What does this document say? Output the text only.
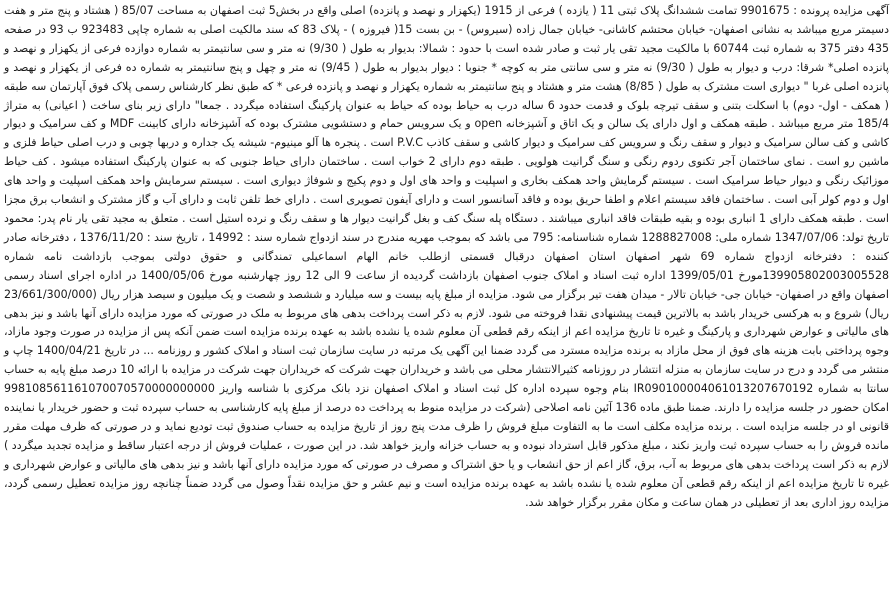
آگهی مزایده پرونده : 9901675 تمامت ششدانگ پلاک ثبتی 11 ( یازده ) فرعی از 1915 (یکهزار و نهصد و پانزده) اصلی واقع در بخش5 ثبت اصفهان به مساحت 85/07 ( هشتاد و پنج متر و هفت دسیمتر مربع میباشد به نشانی اصفهان- خیابان محتشم کاشانی- خیابان جمال زاده (سیروس) - بن بست 15( فیروزه ) - پلاک 83 که سند مالکیت اصلی به شماره چاپی 923483 ب 93 در صفحه 435 دفتر 375 به شماره ثبت 60744 با مالکیت مجید تقی یار ثبت و صادر شده است با حدود : شمالا: بدیوار به طول ( 9/30) نه متر و سی سانتیمتر به شماره دوازده فرعی از یکهزار و نهصد و پانزده اصلی* شرقا: درب و دیوار به طول ( 9/30) نه متر و سی سانتی متر به کوچه * جنوبا : دیوار بدیوار به طول ( 9/45) نه متر و چهل و پنج سانتیمتر به شماره ده فرعی از یکهزار و نهصد و پانزده اصلی غربا " دیواری است مشترک به طول ( 8/85) هشت متر و هشتاد و پنج سانتیمتر به شماره یکهزار و نهصد و پانزده فرعی * که طبق نظر کارشناس رسمی پلاک فوق آپارتمان سه طبقه ( همکف - اول- دوم) با اسکلت بتنی و سقف تیرچه بلوک و قدمت حدود 6 ساله درب به حیاط بوده که حیاط به عنوان پارکینگ استفاده میگردد . جمعا" دارای زیر بنای ساخت ( اعیانی) به متراژ 185/4 متر مربع میباشد . طبقه همکف و اول دارای یک سالن و یک اتاق و آشپزخانه open و یک سرویس حمام و دستشویی مشترک بوده که آشپزخانه دارای کابینت MDF و کف سرامیک و دیوار کاشی و کف سالن سرامیک و دیوار و سقف رنگ و سرویس کف سرامیک و دیوار کاشی و سقف کاذب P.V.C است . پنجره ها آلو مینیوم- شیشه یک جداره و دربها چوبی و درب اصلی حیاط فلزی و ماشین رو است . نمای ساختمان آجر تکنوی ردوم رنگی و سنگ گرانیت هولویی . طبقه دوم دارای 2 خواب است . ساختمان دارای حیاط جنوبی که به عنوان پارکینگ استفاده میشود . کف حیاط موزائیک رنگی و دیوار حیاط سرامیک است . سیستم گرمایش واحد همکف بخاری و اسپلیت و واحد های اول و دوم پکیج و شوفاژ دیواری است . سیستم سرمایش واحد همکف اسپلیت و واحد های اول و دوم کولر آبی است . ساختمان فاقد سیستم اعلام و اطفا حریق بوده و فاقد آسانسور است و دارای آیفون تصویری است . دارای خط تلفن ثابت و دارای آب و گاز مشترک و انشعاب برق مجزا است . طبقه همکف دارای 1 انباری بوده و بقیه طبقات فاقد انباری میباشند . دستگاه پله سنگ کف و بغل گرانیت دیوار ها و سقف رنگ و نرده استیل است . متعلق به مجید تقی یار نام پدر: محمود تاریخ تولد: 1347/07/06 شماره ملی: 1288827008 شماره شناسنامه: 795 می باشد که بموجب مهریه مندرج در سند ازدواج شماره سند : 14992 ، تاریخ سند : 1376/11/20 ، دفترخانه صادر کننده : دفترخانه ازدواج شماره 69 شهر اصفهان استان اصفهان درقبال قسمتی ازطلب خانم الهام اسماعیلی تمندگانی و حقوق دولتی بموجب بازداشت نامه شماره 139905802003005528مورخ 1399/05/01 اداره ثبت اسناد و املاک جنوب اصفهان بازداشت گردیده از ساعت 9 الی 12 روز چهارشنبه مورخ 1400/05/06 در اداره اجرای اسناد رسمی اصفهان واقع در اصفهان- خیابان جی- خیابان تالار - میدان هفت تیر برگزار می شود. مزایده از مبلغ پایه بیست و سه میلیارد و ششصد و شصت و یک میلیون و سیصد هزار ریال (23/661/300/000 ریال) شروع و به هرکسی خریدار باشد به بالاترین قیمت پیشنهادی نقدا فروخته می شود. لازم به ذکر است پرداخت بدهی های مربوط به ملک در صورتی که مورد مزایده دارای آنها باشد و نیز بدهی های مالیاتی و عوارض شهرداری و پارکینگ و غیره تا تاریخ مزایده اعم از اینکه رقم قطعی آن معلوم شده یا نشده باشد به عهده برنده مزایده است ضمن آنکه پس از مزایده در صورت وجود مازاد، وجوه پرداختی بابت هزینه های فوق از محل مازاد به برنده مزایده مسترد می گردد ضمنا این آگهی یک مرتبه در سایت سازمان ثبت اسناد و املاک کشور و روزنامه ... در تاریخ 1400/04/21 چاپ و منتشر می گردد و درج در سایت سازمان به منزله انتشار در روزنامه کثیرالانتشار محلی می باشد و خریداران جهت شرکت که خریداران جهت شرکت در مزایده با ارائه 10 درصد مبلغ پایه به حساب سانتا به شماره IR090100004061013207670192 بنام وجوه سپرده اداره کل ثبت اسناد و املاک اصفهان نزد بانک مرکزی با شناسه واریز 998108561161070070570000000000 امکان حضور در جلسه مزایده را دارند. ضمنا طبق ماده 136 آئین نامه اصلاحی (شرکت در مزایده منوط به پرداخت ده درصد از مبلغ پایه کارشناسی به حساب سپرده ثبت و حضور خریدار یا نماینده قانونی او در جلسه مزایده است . برنده مزایده مکلف است ما به التفاوت مبلغ فروش را ظرف مدت پنج روز از تاریخ مزایده به حساب صندوق ثبت تودیع نماید و در صورتی که ظرف مهلت مقرر مانده فروش را به حساب سپرده ثبت واریز نکند ، مبلغ مذکور قابل استرداد نبوده و به حساب خزانه واریز خواهد شد. در این صورت ، عملیات فروش از درجه اعتبار ساقط و مزایده تجدید میگردد ) لازم به ذکر است پرداخت بدهی های مربوط به آب، برق، گاز اعم از حق انشعاب و یا حق اشتراک و مصرف در صورتی که مورد مزایده دارای آنها باشد و نیز بدهی های مالیاتی و عوارض شهرداری و غیره تا تاریخ مزایده اعم از اینکه رقم قطعی آن معلوم شده یا نشده باشد به عهده برنده مزایده است و نیم عشر و حق مزایده نقداً وصول می گردد ضمناً چنانچه روز مزایده تعطیل رسمی گردد، مزایده روز اداری بعد از تعطیلی در همان ساعت و مکان مقرر برگزار خواهد شد.
